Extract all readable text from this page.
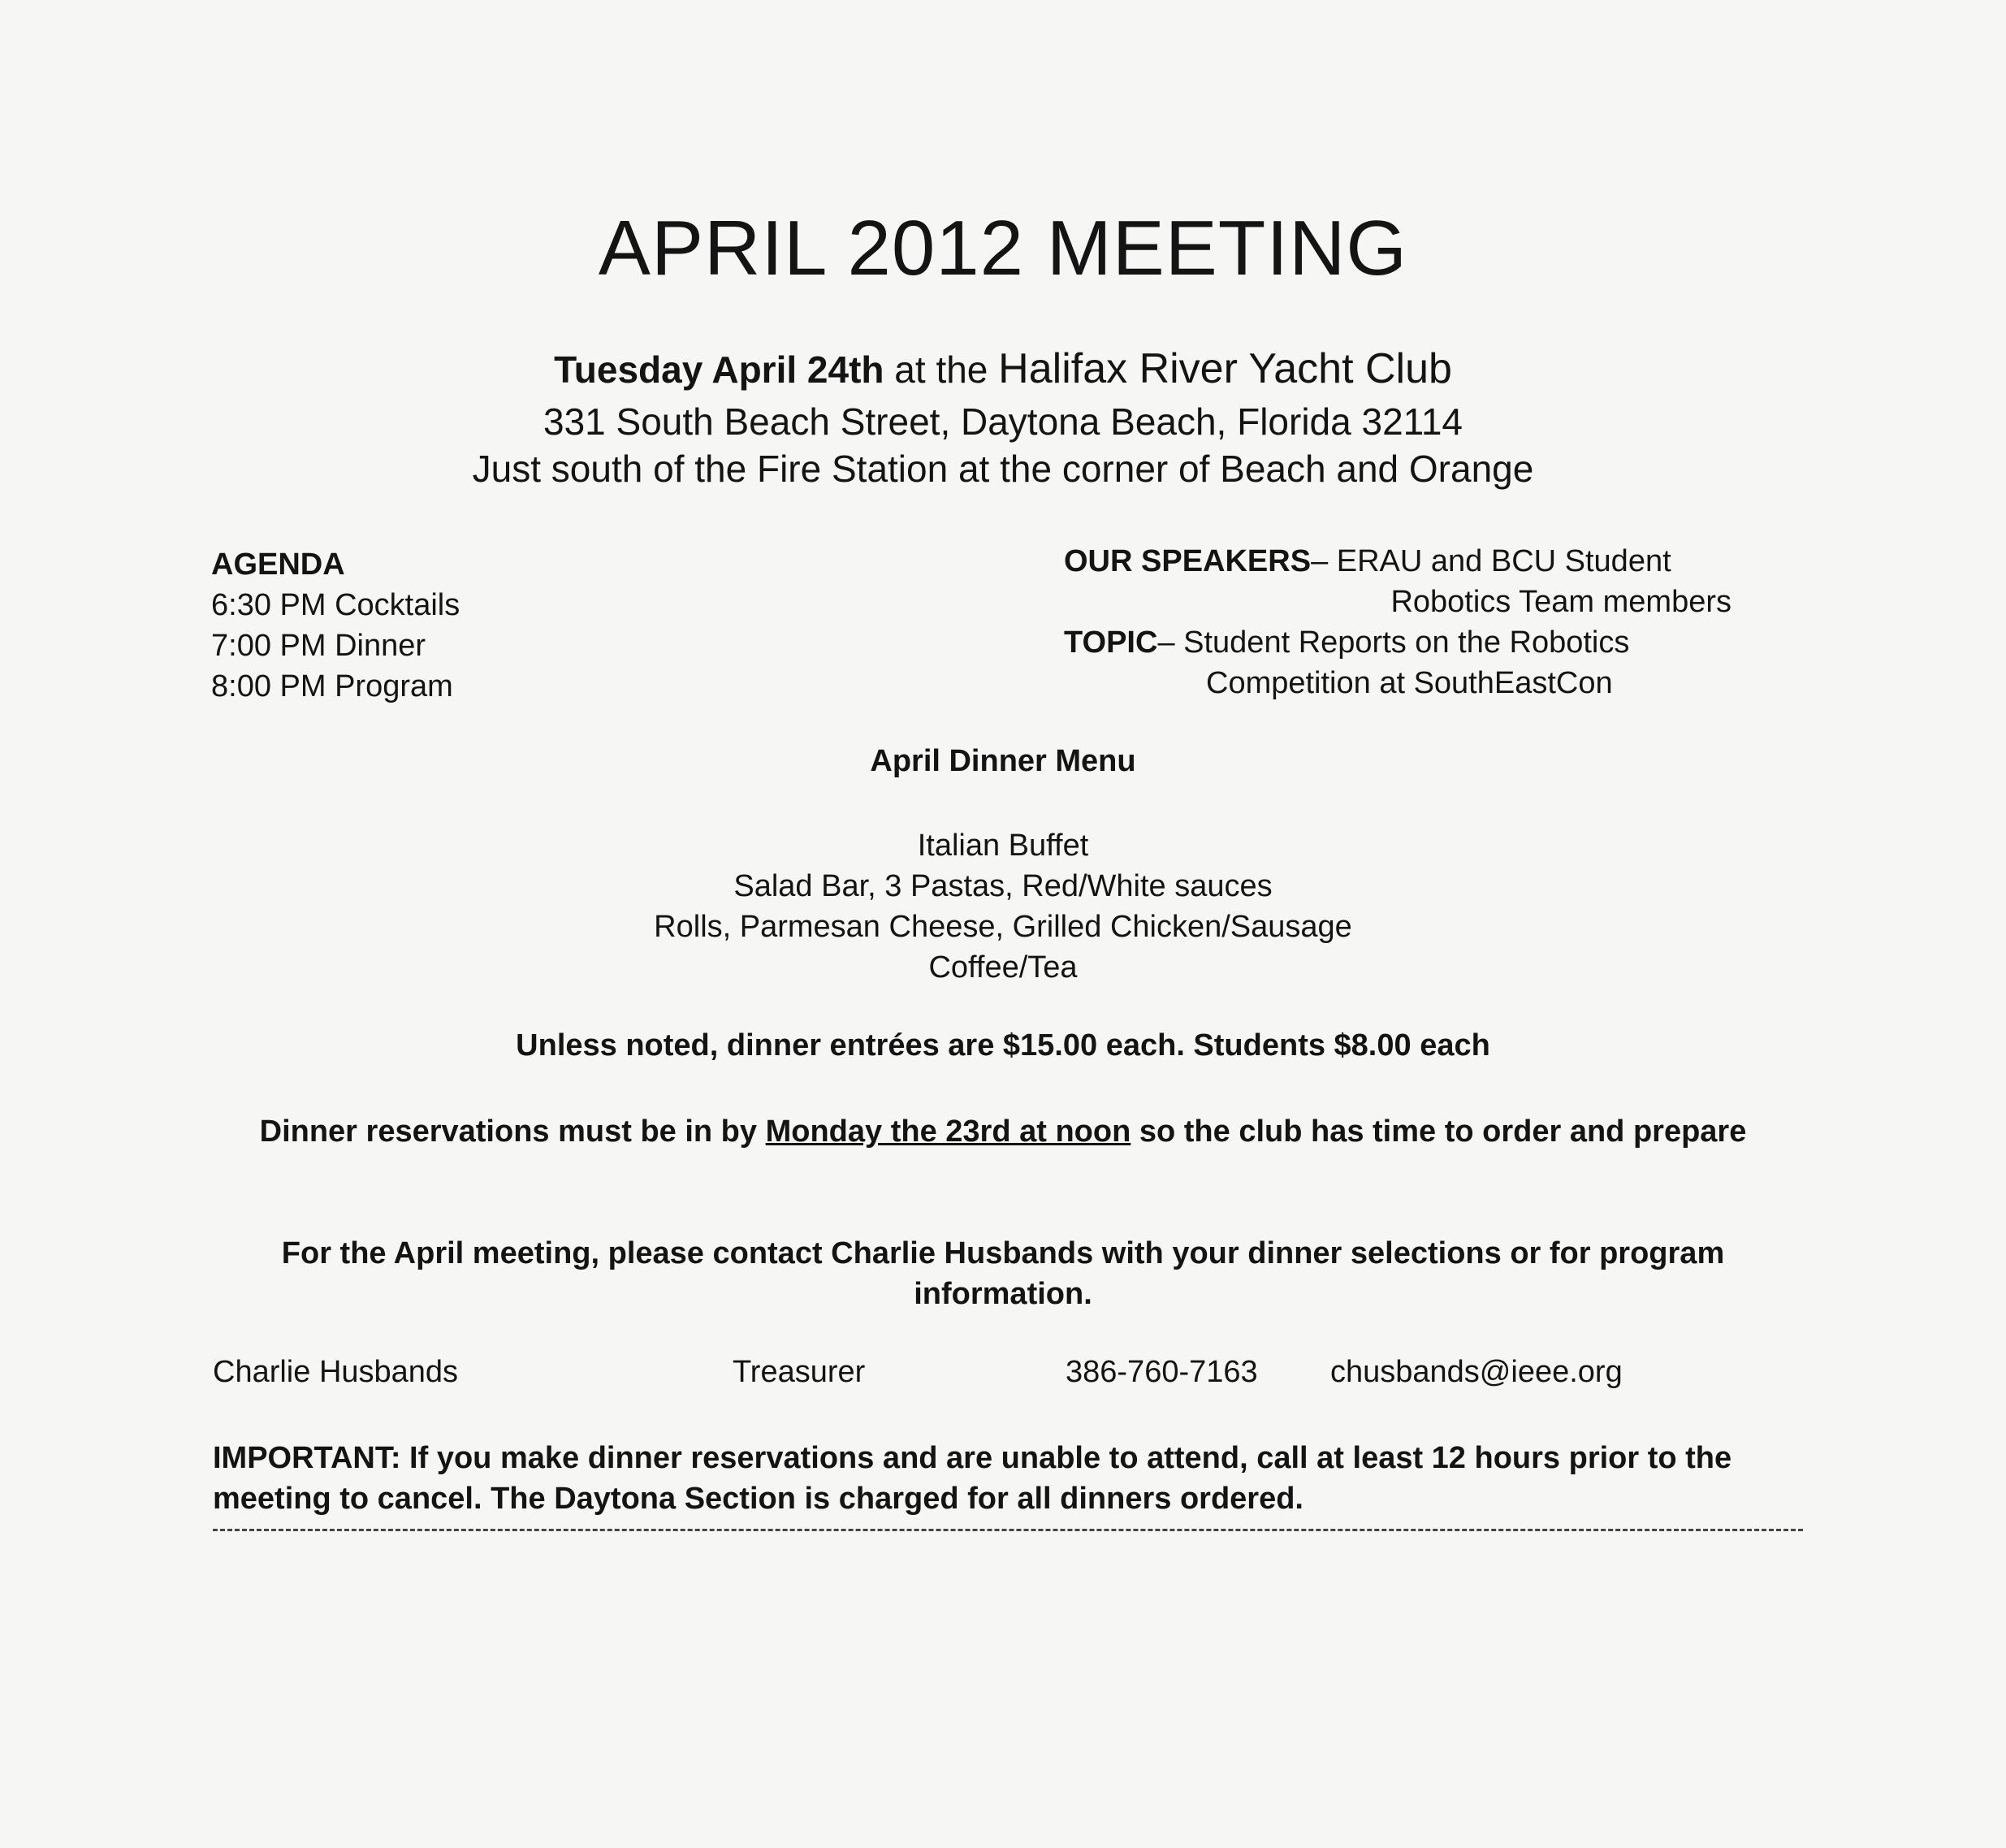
APRIL 2012 MEETING
Tuesday April 24th at the Halifax River Yacht Club
331 South Beach Street, Daytona Beach, Florida 32114
Just south of the Fire Station at the corner of Beach and Orange
AGENDA
6:30 PM Cocktails
7:00 PM Dinner
8:00 PM Program
OUR SPEAKERS– ERAU and BCU Student
Robotics Team members
TOPIC– Student Reports on the Robotics
Competition at SouthEastCon
April Dinner Menu
Italian Buffet
Salad Bar, 3 Pastas, Red/White sauces
Rolls, Parmesan Cheese, Grilled Chicken/Sausage
Coffee/Tea
Unless noted, dinner entrées are $15.00 each. Students $8.00 each
Dinner reservations must be in by Monday the 23rd at noon so the club has time to order and prepare
For the April meeting, please contact Charlie Husbands with your dinner selections or for program information.
Charlie Husbands	Treasurer	386-760-7163 chusbands@ieee.org
IMPORTANT: If you make dinner reservations and are unable to attend, call at least 12 hours prior to the meeting to cancel. The Daytona Section is charged for all dinners ordered.
